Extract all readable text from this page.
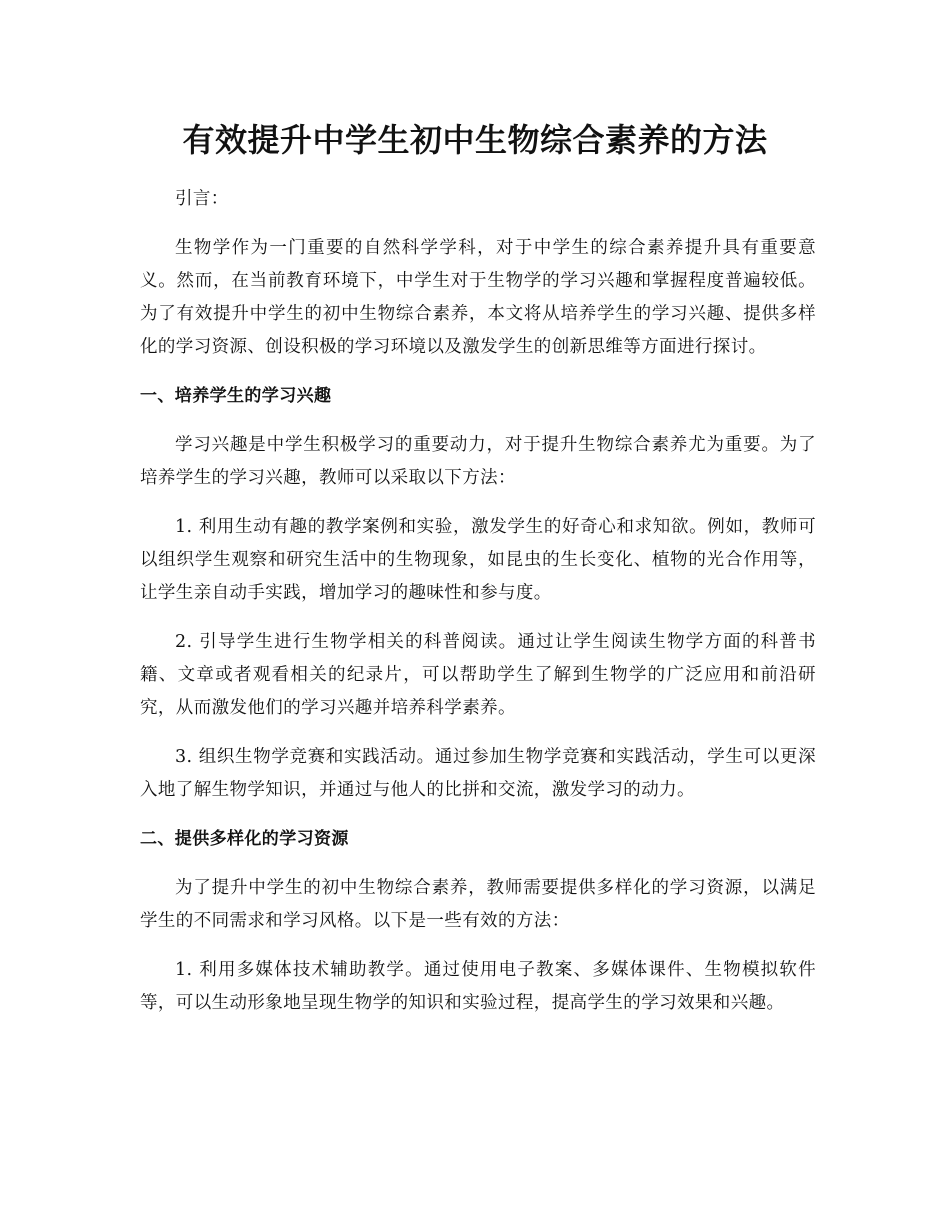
有效提升中学生初中生物综合素养的方法

引言：

生物学作为一门重要的自然科学学科，对于中学生的综合素养提升具有重要意义。然而，在当前教育环境下，中学生对于生物学的学习兴趣和掌握程度普遍较低。为了有效提升中学生的初中生物综合素养，本文将从培养学生的学习兴趣、提供多样化的学习资源、创设积极的学习环境以及激发学生的创新思维等方面进行探讨。

一、培养学生的学习兴趣

学习兴趣是中学生积极学习的重要动力，对于提升生物综合素养尤为重要。为了培养学生的学习兴趣，教师可以采取以下方法：

1. 利用生动有趣的教学案例和实验，激发学生的好奇心和求知欲。例如，教师可以组织学生观察和研究生活中的生物现象，如昆虫的生长变化、植物的光合作用等，让学生亲自动手实践，增加学习的趣味性和参与度。

2. 引导学生进行生物学相关的科普阅读。通过让学生阅读生物学方面的科普书籍、文章或者观看相关的纪录片，可以帮助学生了解到生物学的广泛应用和前沿研究，从而激发他们的学习兴趣并培养科学素养。

3. 组织生物学竞赛和实践活动。通过参加生物学竞赛和实践活动，学生可以更深入地了解生物学知识，并通过与他人的比拼和交流，激发学习的动力。

二、提供多样化的学习资源

为了提升中学生的初中生物综合素养，教师需要提供多样化的学习资源，以满足学生的不同需求和学习风格。以下是一些有效的方法：

1. 利用多媒体技术辅助教学。通过使用电子教案、多媒体课件、生物模拟软件等，可以生动形象地呈现生物学的知识和实验过程，提高学生的学习效果和兴趣。
